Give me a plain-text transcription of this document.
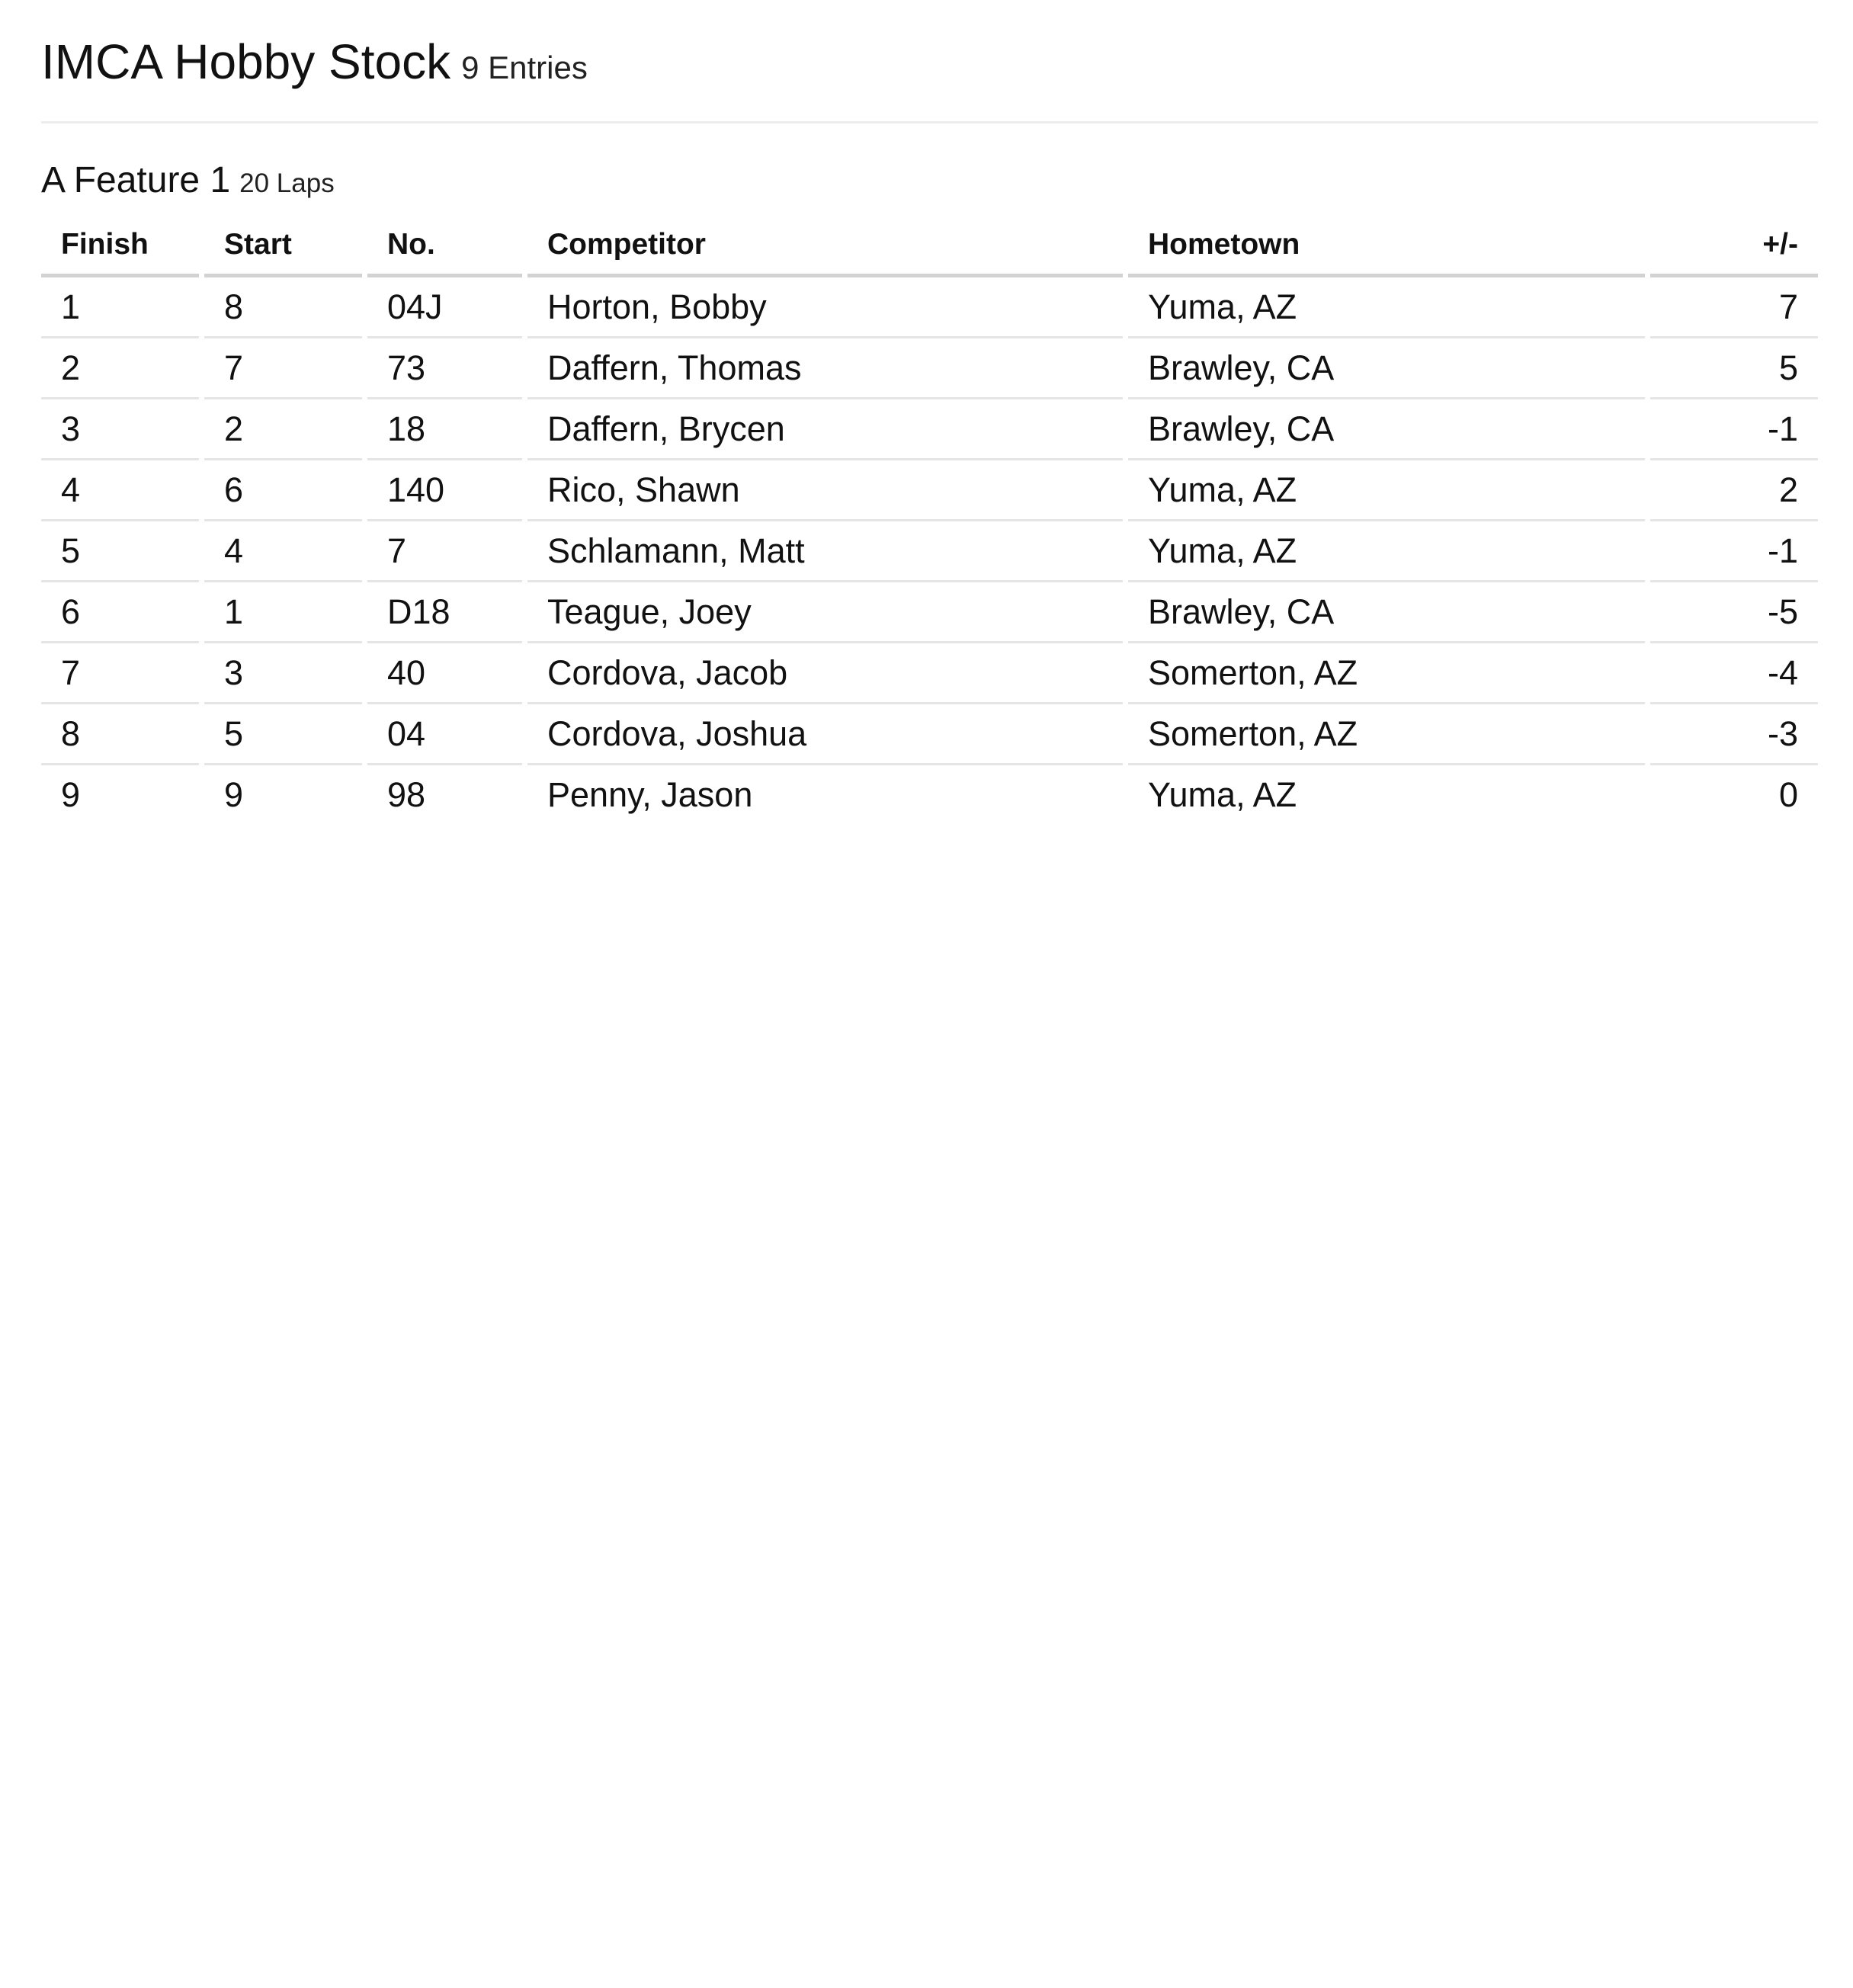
IMCA Hobby Stock 9 Entries
A Feature 1 20 Laps
Finish	Start	No.	Competitor	Hometown	+/-
1	8	04J	Horton, Bobby	Yuma, AZ	7
2	7	73	Daffern, Thomas	Brawley, CA	5
3	2	18	Daffern, Brycen	Brawley, CA	-1
4	6	140	Rico, Shawn	Yuma, AZ	2
5	4	7	Schlamann, Matt	Yuma, AZ	-1
6	1	D18	Teague, Joey	Brawley, CA	-5
7	3	40	Cordova, Jacob	Somerton, AZ	-4
8	5	04	Cordova, Joshua	Somerton, AZ	-3
9	9	98	Penny, Jason	Yuma, AZ	0
